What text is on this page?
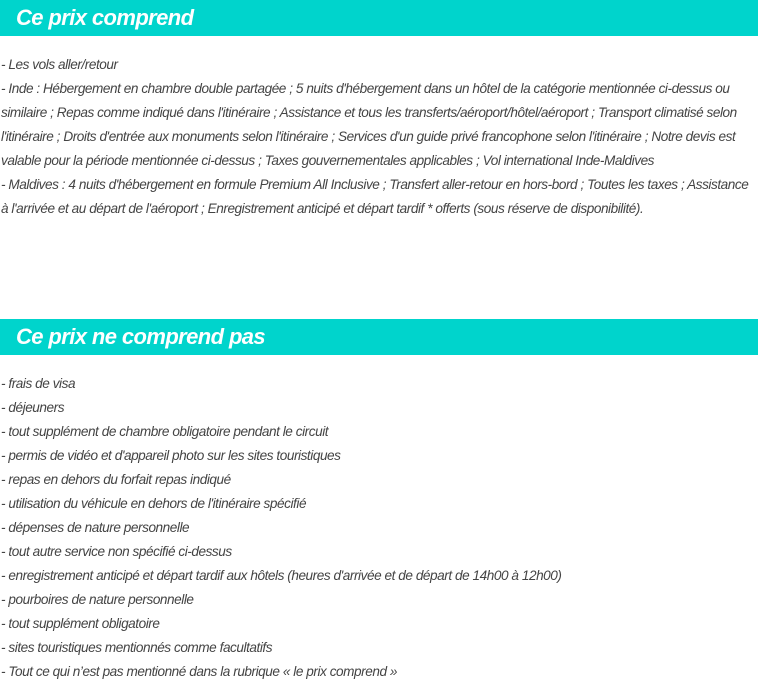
Ce prix comprend

- Les vols aller/retour

- Inde : Hébergement en chambre double partagée ; 5 nuits d'hébergement dans un hôtel de la catégorie mentionnée ci-dessus ou similaire ; Repas comme indiqué dans l'itinéraire ; Assistance et tous les transferts/aéroport/hôtel/aéroport ; Transport climatisé selon l'itinéraire ; Droits d'entrée aux monuments selon l'itinéraire ; Services d'un guide privé francophone selon l'itinéraire ; Notre devis est valable pour la période mentionnée ci-dessus ; Taxes gouvernementales applicables ; Vol international Inde-Maldives

- Maldives : 4 nuits d'hébergement en formule Premium All Inclusive ; Transfert aller-retour en hors-bord ; Toutes les taxes ; Assistance à l'arrivée et au départ de l'aéroport ; Enregistrement anticipé et départ tardif * offerts (sous réserve de disponibilité).

Ce prix ne comprend pas

- frais de visa

- déjeuners

- tout supplément de chambre obligatoire pendant le circuit

- permis de vidéo et d'appareil photo sur les sites touristiques

- repas en dehors du forfait repas indiqué

- utilisation du véhicule en dehors de l'itinéraire spécifié

- dépenses de nature personnelle

- tout autre service non spécifié ci-dessus

- enregistrement anticipé et départ tardif aux hôtels (heures d'arrivée et de départ de 14h00 à 12h00)

- pourboires de nature personnelle

- tout supplément obligatoire

- sites touristiques mentionnés comme facultatifs

- Tout ce qui n’est pas mentionné dans la rubrique « le prix comprend »
